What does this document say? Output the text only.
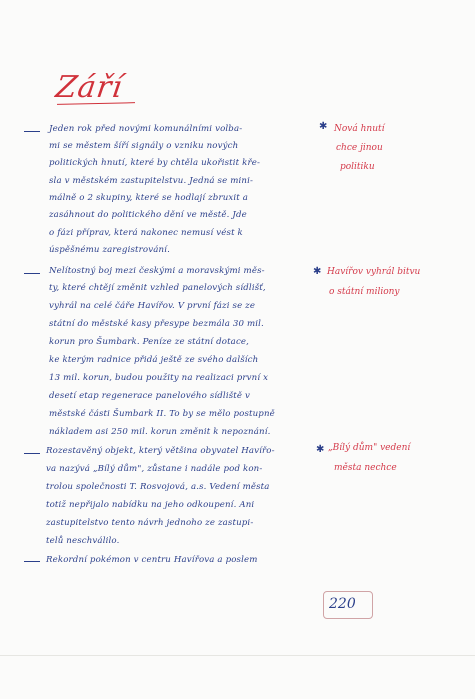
Září
Jeden rok před novými komunálními volba-
mi se městem šíří signály o vzniku nových
politických hnutí, které by chtěla ukořistit kře-
sla v městském zastupitelstvu. Jedná se mini-
málně o 2 skupiny, které se hodlají zbruxit a
zasáhnout do politického dění ve městě. Jde
o fázi příprav, která nakonec nemusí vést k
úspěšnému zaregistrování.
✱ Nová hnutí
chce jinou
politiku
Nelítostný boj mezi českými a moravskými měs-
ty, které chtějí změnit vzhled panelových sídlišť,
vyhrál na celé čáře Havířov. V první fázi se ze
státní do městské kasy přesype bezmála 30 mil.
korun pro Šumbark. Peníze ze státní dotace,
ke kterým radnice přidá ještě ze svého dalších
13 mil. korun, budou použity na realizaci první x
desetí etap regenerace panelového sídliště v
městské části Šumbark II. To by se mělo postupně
nákladem asi 250 mil. korun změnit k nepoznání.
✱ Havířov vyhrál bitvu
o státní miliony
Rozestavěný objekt, který většina obyvatel Havířo-
va nazývá „Bílý dům", zůstane i nadále pod kon-
trolou společnosti T. Rosvojová, a.s. Vedení města
totiž nepřijalo nabídku na jeho odkoupení. Ani
zastupitelstvo tento návrh jednoho ze zastupi-
telů neschválilo.
✱ „Bílý dům" vedení
města nechce
Rekordní pokémon v centru Havířova a poslem
220
